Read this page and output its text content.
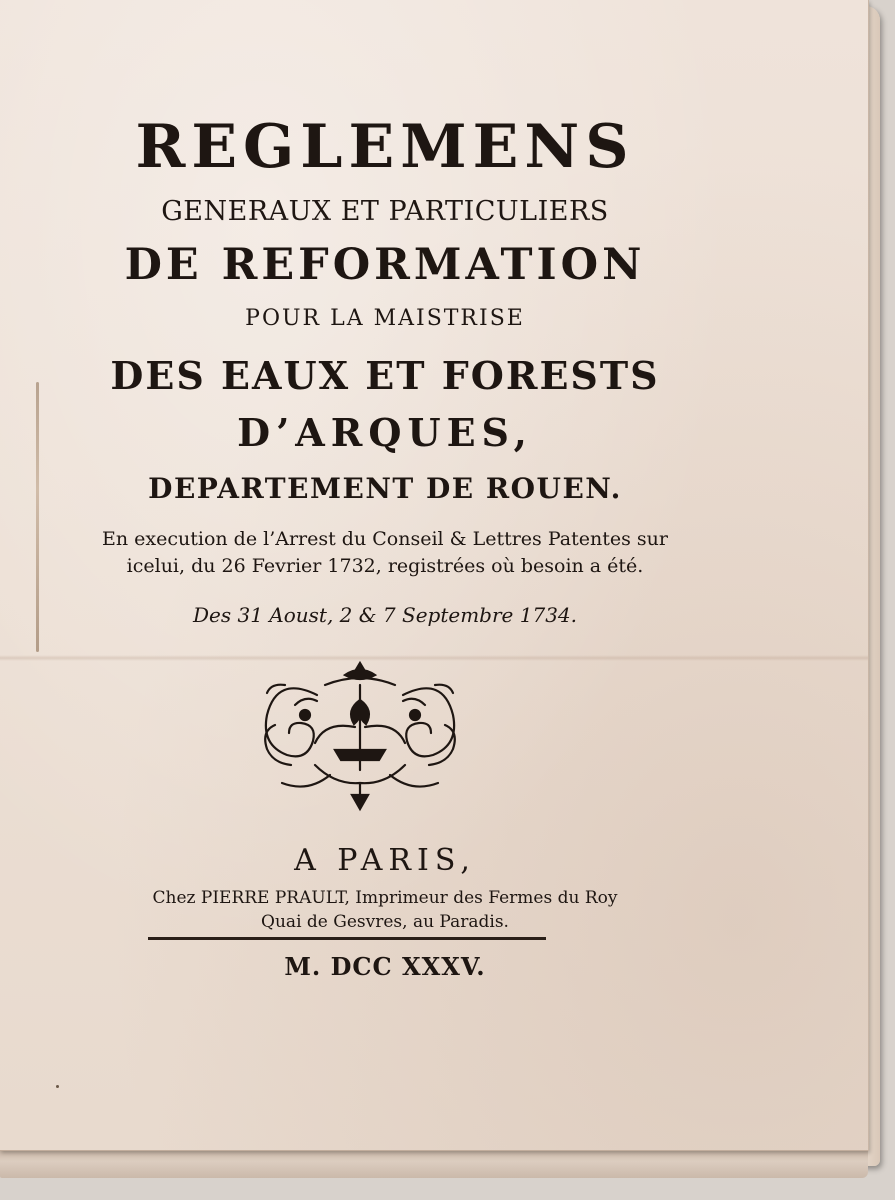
REGLEMENS
GENERAUX ET PARTICULIERS
DE REFORMATION
POUR LA MAISTRISE
DES EAUX ET FORESTS
D’ARQUES,
DEPARTEMENT DE ROUEN.
En execution de l’Arrest du Conseil & Lettres Patentes sur
icelui, du 26 Fevrier 1732, registrées où besoin a été.
Des 31 Aoust, 2 & 7 Septembre 1734.
A PARIS,
Chez PIERRE PRAULT, Imprimeur des Fermes du Roy
Quai de Gesvres, au Paradis.
M. DCC XXXV.
